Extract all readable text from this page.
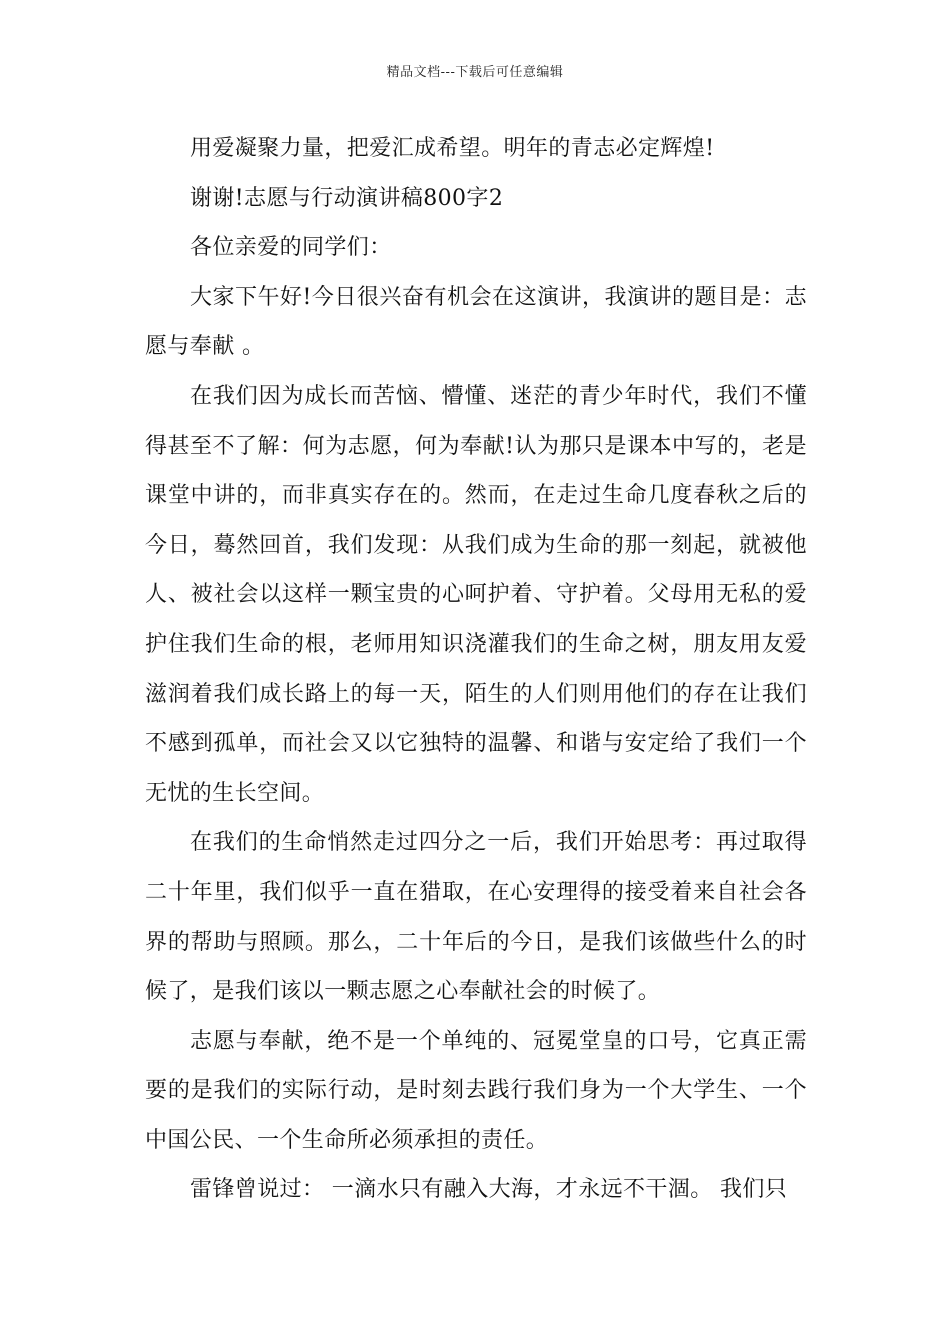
精品文档---下载后可任意编辑

用爱凝聚力量，把爱汇成希望。明年的青志必定辉煌!

谢谢!志愿与行动演讲稿800字2

各位亲爱的同学们：

大家下午好!今日很兴奋有机会在这演讲，我演讲的题目是：志愿与奉献 。

在我们因为成长而苦恼、懵懂、迷茫的青少年时代，我们不懂得甚至不了解：何为志愿，何为奉献!认为那只是课本中写的，老是课堂中讲的，而非真实存在的。然而，在走过生命几度春秋之后的今日，蓦然回首，我们发现：从我们成为生命的那一刻起，就被他人、被社会以这样一颗宝贵的心呵护着、守护着。父母用无私的爱护住我们生命的根，老师用知识浇灌我们的生命之树，朋友用友爱滋润着我们成长路上的每一天，陌生的人们则用他们的存在让我们不感到孤单，而社会又以它独特的温馨、和谐与安定给了我们一个无忧的生长空间。

在我们的生命悄然走过四分之一后，我们开始思考：再过取得二十年里，我们似乎一直在猎取，在心安理得的接受着来自社会各界的帮助与照顾。那么，二十年后的今日，是我们该做些什么的时候了，是我们该以一颗志愿之心奉献社会的时候了。

志愿与奉献，绝不是一个单纯的、冠冕堂皇的口号，它真正需要的是我们的实际行动，是时刻去践行我们身为一个大学生、一个中国公民、一个生命所必须承担的责任。

雷锋曾说过： 一滴水只有融入大海，才永远不干涸。 我们只
